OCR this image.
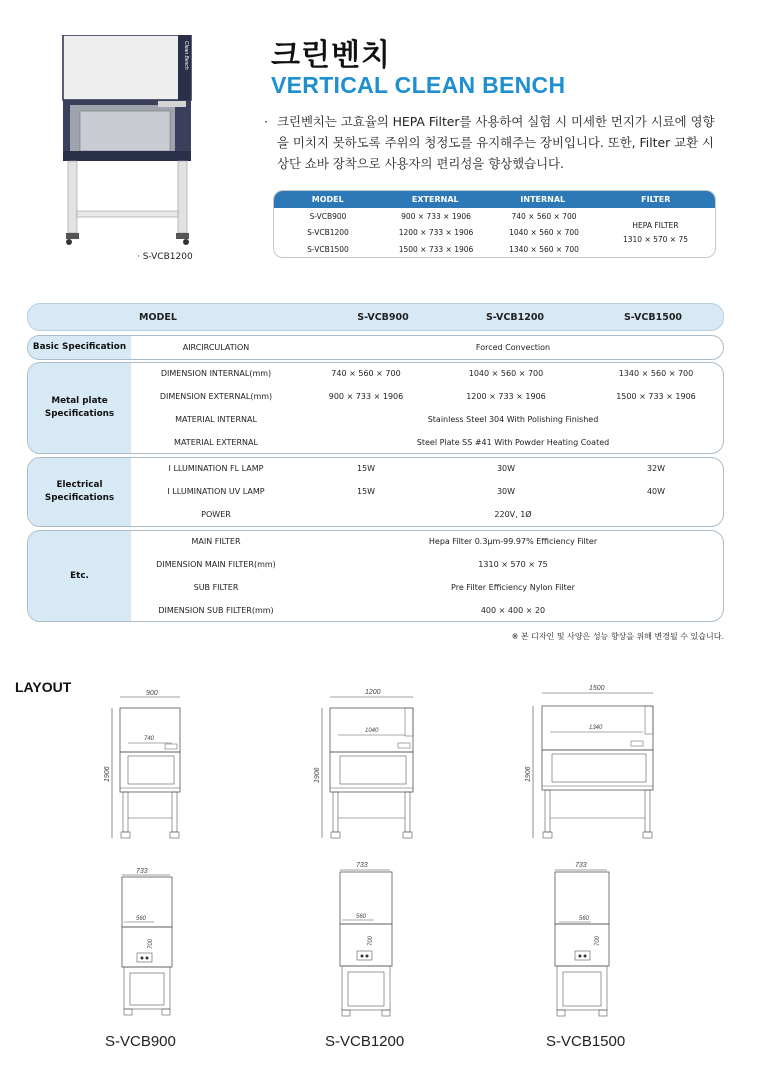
Clean Bench
· S-VCB1200
크린벤치
VERTICAL CLEAN BENCH
· 크린벤치는 고효율의 HEPA Filter를 사용하여 실험 시 미세한 먼지가 시료에 영향을 미치지 못하도록 주위의 청정도를 유지해주는 장비입니다. 또한, Filter 교환 시 상단 쇼바 장착으로 사용자의 편리성을 향상했습니다.

MODEL	EXTERNAL	INTERNAL	FILTER
S-VCB900	900 × 733 × 1906	740 × 560 × 700
S-VCB1200	1200 × 733 × 1906	1040 × 560 × 700
S-VCB1500	1500 × 733 × 1906	1340 × 560 × 700
HEPA FILTER
1310 × 570 × 75
MODEL	S-VCB900	S-VCB1200	S-VCB1500
Basic Specification	AIRCIRCULATION	Forced Convection
Metal plate Specifications
DIMENSION INTERNAL(mm)	740 × 560 × 700	1040 × 560 × 700	1340 × 560 × 700
DIMENSION EXTERNAL(mm)	900 × 733 × 1906	1200 × 733 × 1906	1500 × 733 × 1906
MATERIAL INTERNAL	Stainless Steel 304 With Polishing Finished
MATERIAL EXTERNAL	Steel Plate SS #41 With Powder Heating Coated
Electrical Specifications
I LLUMINATION FL LAMP	15W	30W	32W
I LLUMINATION UV LAMP	15W	30W	40W
POWER	220V, 1Ø
Etc.
MAIN FILTER	Hepa Filter 0.3μm-99.97% Efficiency Filter
DIMENSION MAIN FILTER(mm)	1310 × 570 × 75
SUB FILTER	Pre Filter Efficiency Nylon Filter
DIMENSION SUB FILTER(mm)	400 × 400 × 20
※ 본 디자인 및 사양은 성능 향상을 위해 변경될 수 있습니다.
LAYOUT	900
1906
740
1200
1906
1040
1500
1906
1340
733
560
700
733
560
700
733
560
700
S-VCB900	S-VCB1200	S-VCB1500
